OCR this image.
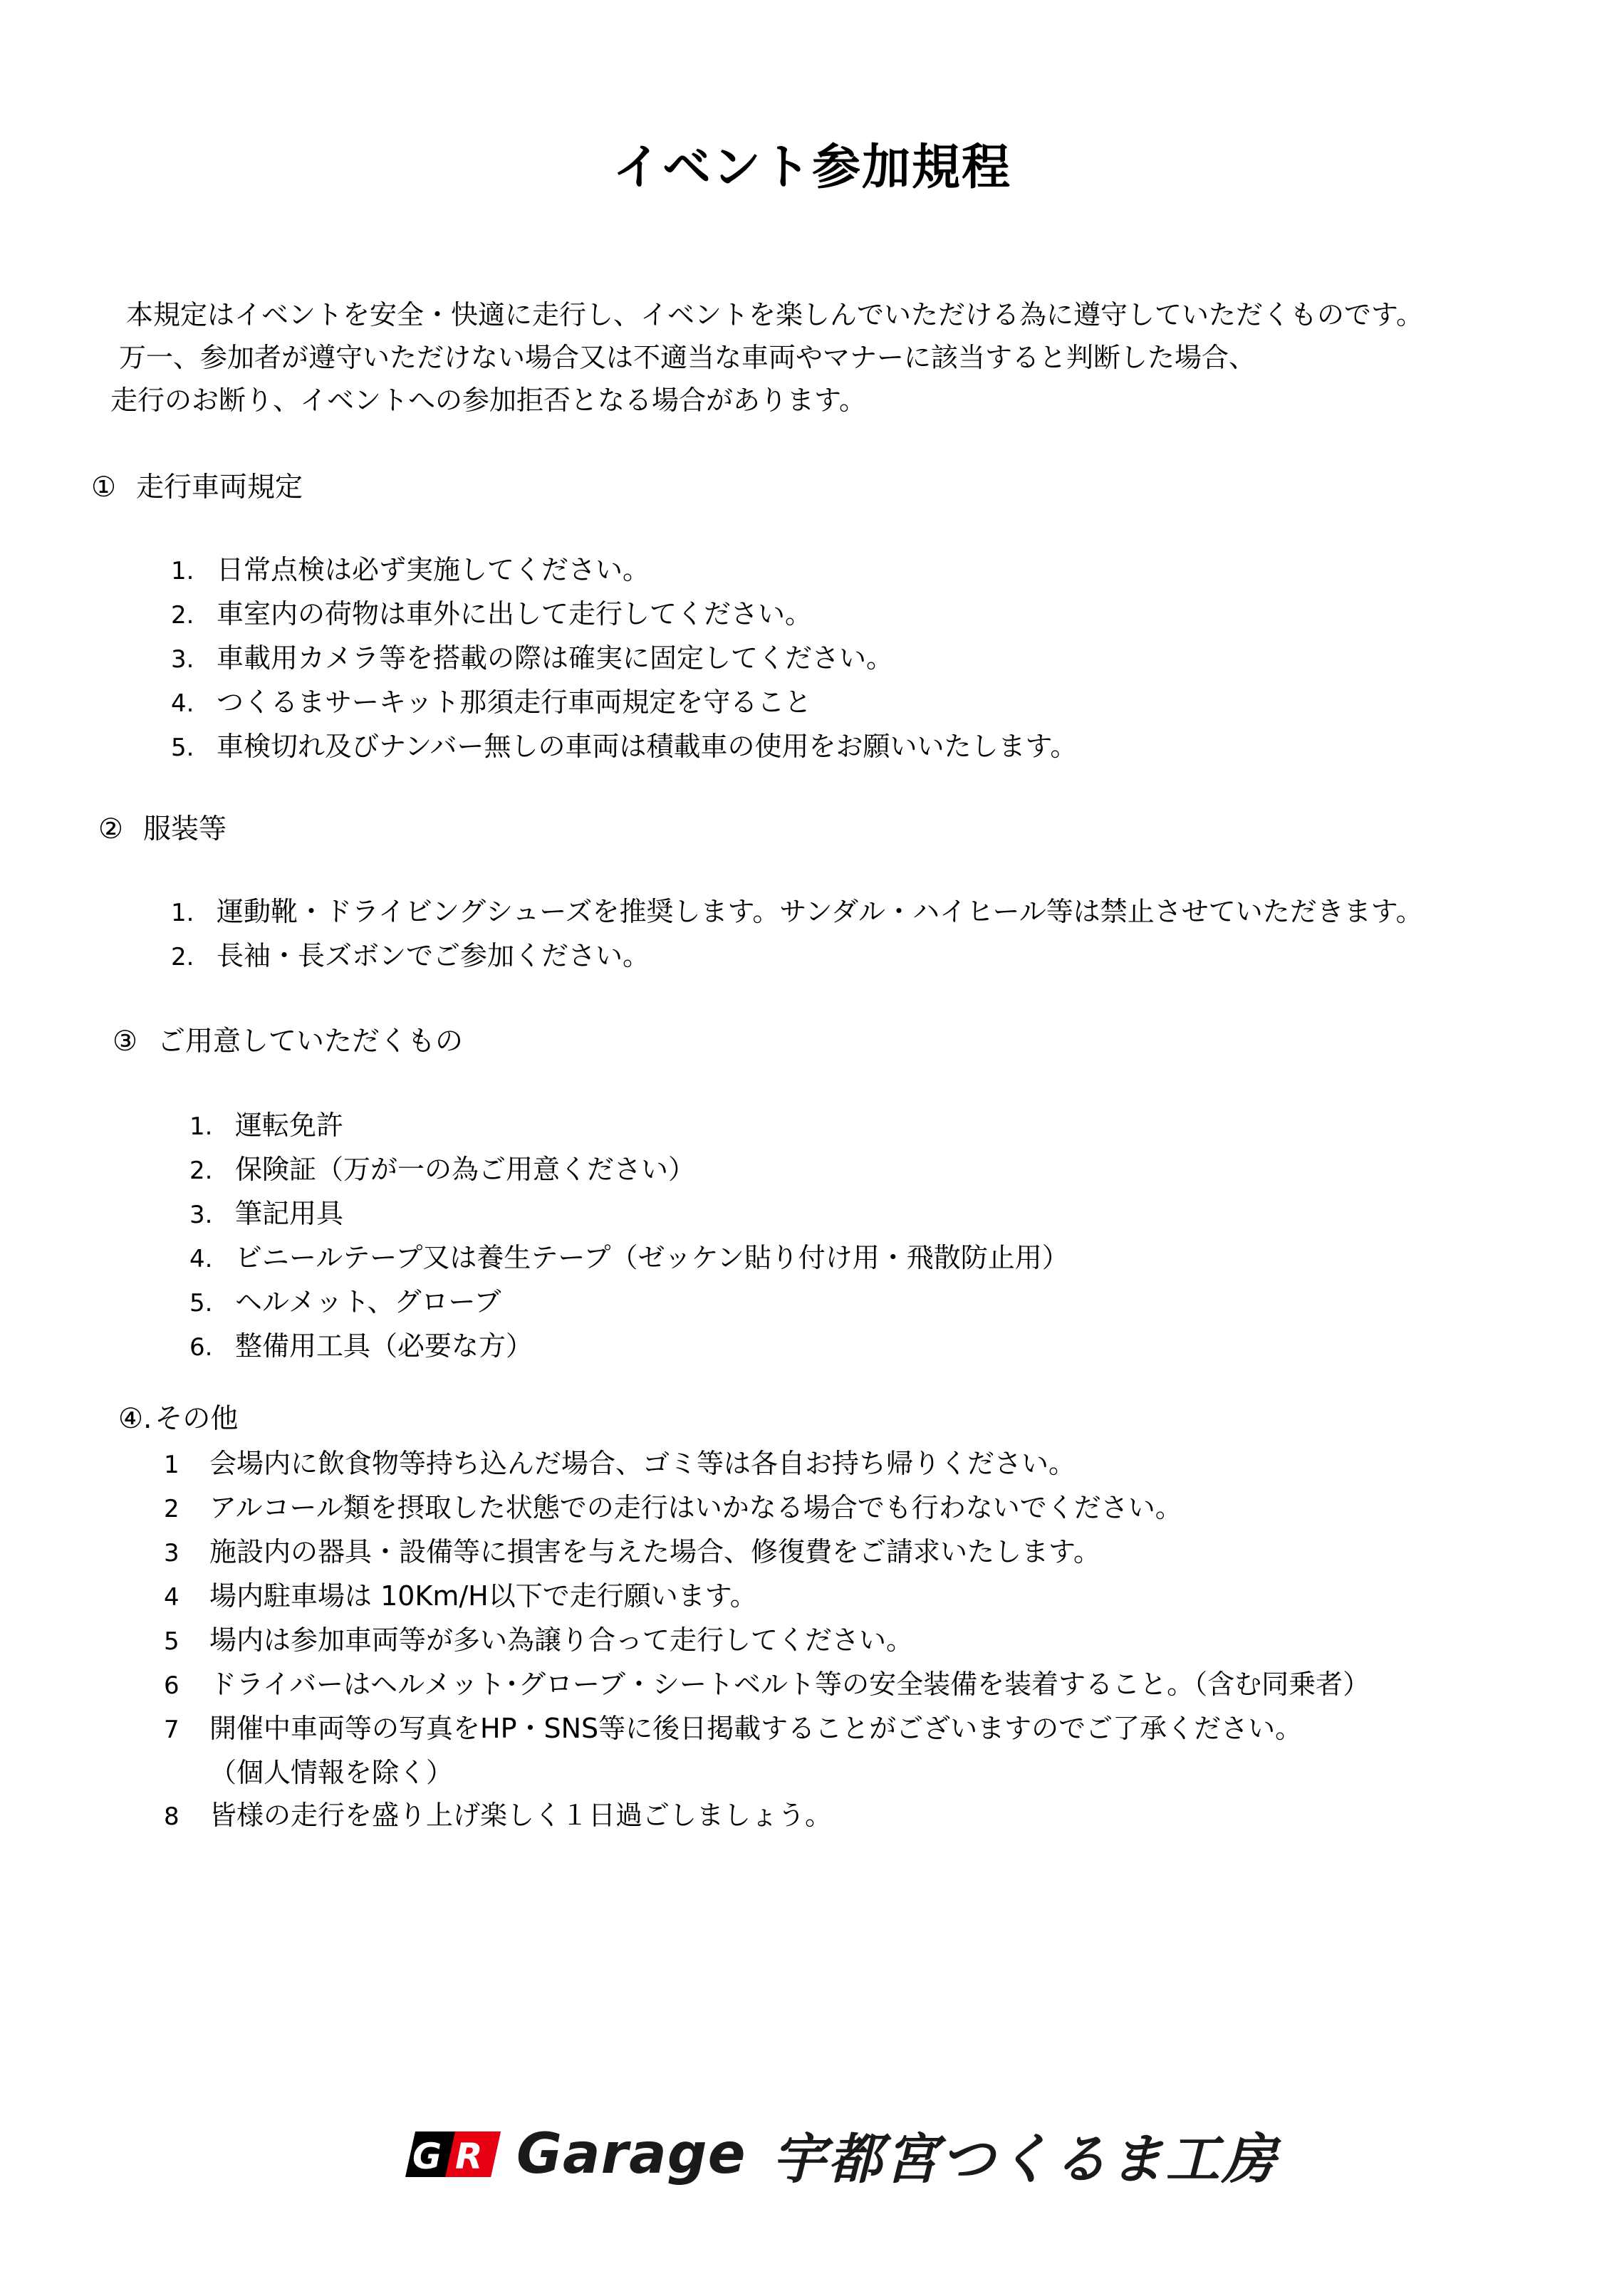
イベント参加規程
本規定はイベントを安全・快適に走行し、イベントを楽しんでいただける為に遵守していただくものです。
万一、参加者が遵守いただけない場合又は不適当な車両やマナーに該当すると判断した場合、
走行のお断り、イベントへの参加拒否となる場合があります。
① 走行車両規定
1. 日常点検は必ず実施してください。
2. 車室内の荷物は車外に出して走行してください。
3. 車載用カメラ等を搭載の際は確実に固定してください。
4. つくるまサーキット那須走行車両規定を守ること
5. 車検切れ及びナンバー無しの車両は積載車の使用をお願いいたします。
② 服装等
1. 運動靴・ドライビングシューズを推奨します。サンダル・ハイヒール等は禁止させていただきます。
2. 長袖・長ズボンでご参加ください。
③ ご用意していただくもの
1. 運転免許
2. 保険証（万が一の為ご用意ください）
3. 筆記用具
4. ビニールテープ又は養生テープ（ゼッケン貼り付け用・飛散防止用）
5. ヘルメット、グローブ
6. 整備用工具（必要な方）
④. その他
1 会場内に飲食物等持ち込んだ場合、ゴミ等は各自お持ち帰りください。
2 アルコール類を摂取した状態での走行はいかなる場合でも行わないでください。
3 施設内の器具・設備等に損害を与えた場合、修復費をご請求いたします。
4 場内駐車場は 10Km/H以下で走行願います。
5 場内は参加車両等が多い為譲り合って走行してください。
6 ドライバーはヘルメット･グローブ・シートベルト等の安全装備を装着すること。（含む同乗者）
7 開催中車両等の写真をHP・SNS等に後日掲載することがございますのでご了承ください。
（個人情報を除く）
8 皆様の走行を盛り上げ楽しく１日過ごしましょう。
G R Garage 宇都宮つくるま工房
